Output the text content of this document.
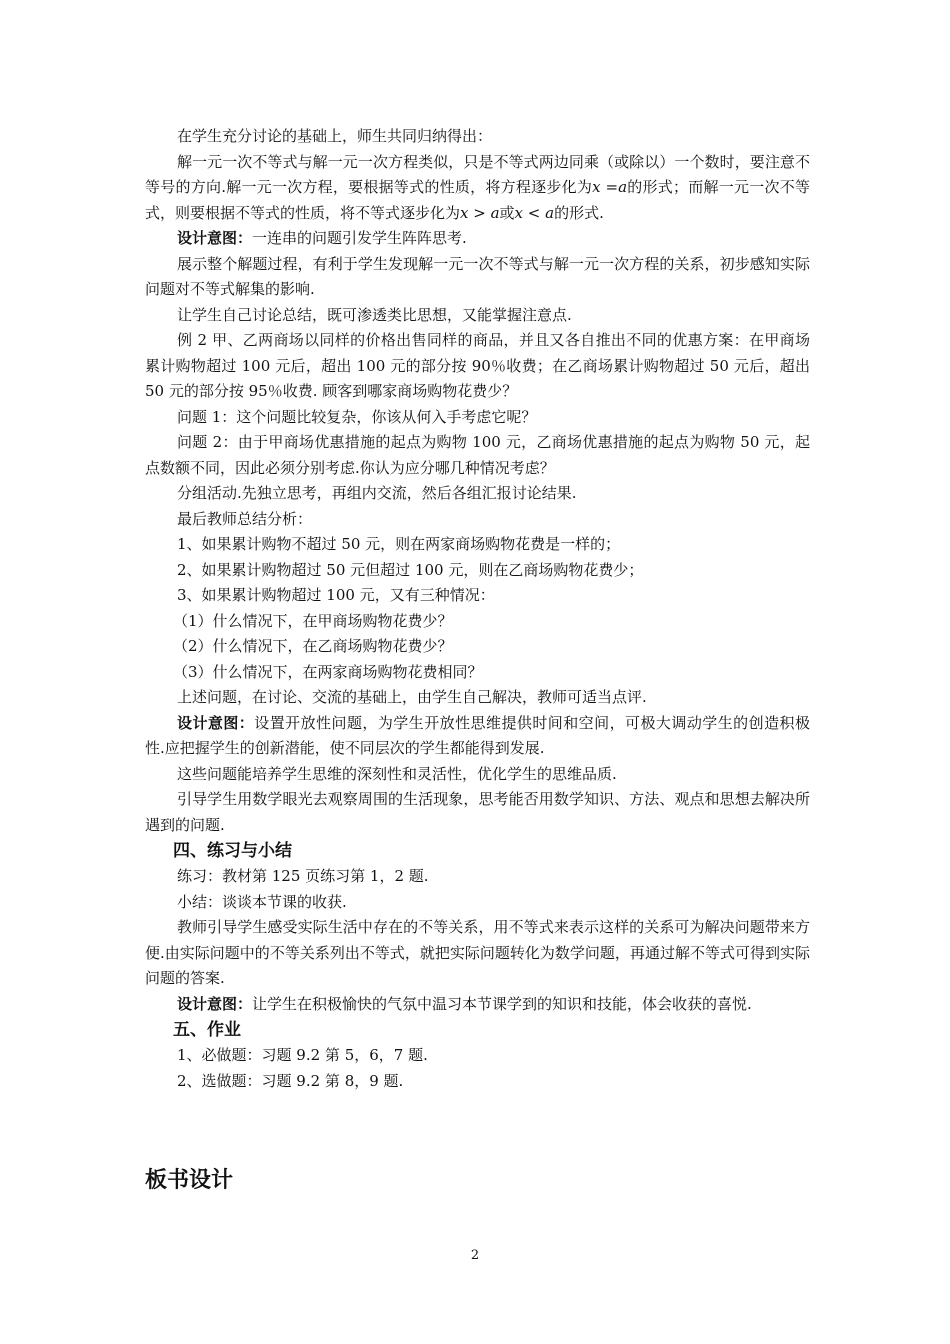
在学生充分讨论的基础上，师生共同归纳得出：

解一元一次不等式与解一元一次方程类似，只是不等式两边同乘（或除以）一个数时，要注意不等号的方向.解一元一次方程，要根据等式的性质，将方程逐步化为x =a的形式；而解一元一次不等式，则要根据不等式的性质，将不等式逐步化为x > a或x < a的形式.

设计意图：一连串的问题引发学生阵阵思考.

展示整个解题过程，有利于学生发现解一元一次不等式与解一元一次方程的关系，初步感知实际问题对不等式解集的影响.

让学生自己讨论总结，既可渗透类比思想，又能掌握注意点.

例 2 甲、乙两商场以同样的价格出售同样的商品，并且又各自推出不同的优惠方案：在甲商场累计购物超过 100 元后，超出 100 元的部分按 90％收费；在乙商场累计购物超过 50 元后，超出 50 元的部分按 95％收费. 顾客到哪家商场购物花费少？

问题 1：这个问题比较复杂，你该从何入手考虑它呢？

问题 2：由于甲商场优惠措施的起点为购物 100 元，乙商场优惠措施的起点为购物 50 元，起点数额不同，因此必须分别考虑.你认为应分哪几种情况考虑？

分组活动.先独立思考，再组内交流，然后各组汇报讨论结果.

最后教师总结分析：

1、如果累计购物不超过 50 元，则在两家商场购物花费是一样的；

2、如果累计购物超过 50 元但超过 100 元，则在乙商场购物花费少；

3、如果累计购物超过 100 元，又有三种情况：

（1）什么情况下，在甲商场购物花费少？

（2）什么情况下，在乙商场购物花费少？

（3）什么情况下，在两家商场购物花费相同？

上述问题，在讨论、交流的基础上，由学生自己解决，教师可适当点评.

设计意图：设置开放性问题，为学生开放性思维提供时间和空间，可极大调动学生的创造积极性.应把握学生的创新潜能，使不同层次的学生都能得到发展.

这些问题能培养学生思维的深刻性和灵活性，优化学生的思维品质.

引导学生用数学眼光去观察周围的生活现象，思考能否用数学知识、方法、观点和思想去解决所遇到的问题.

四、练习与小结

练习：教材第 125 页练习第 1，2 题.

小结：谈谈本节课的收获.

教师引导学生感受实际生活中存在的不等关系，用不等式来表示这样的关系可为解决问题带来方便.由实际问题中的不等关系列出不等式，就把实际问题转化为数学问题，再通过解不等式可得到实际问题的答案.

设计意图：让学生在积极愉快的气氛中温习本节课学到的知识和技能，体会收获的喜悦.

五、作业

1、必做题：习题 9.2 第 5，6，7 题.

2、选做题：习题 9.2 第 8，9 题.

板书设计
2
